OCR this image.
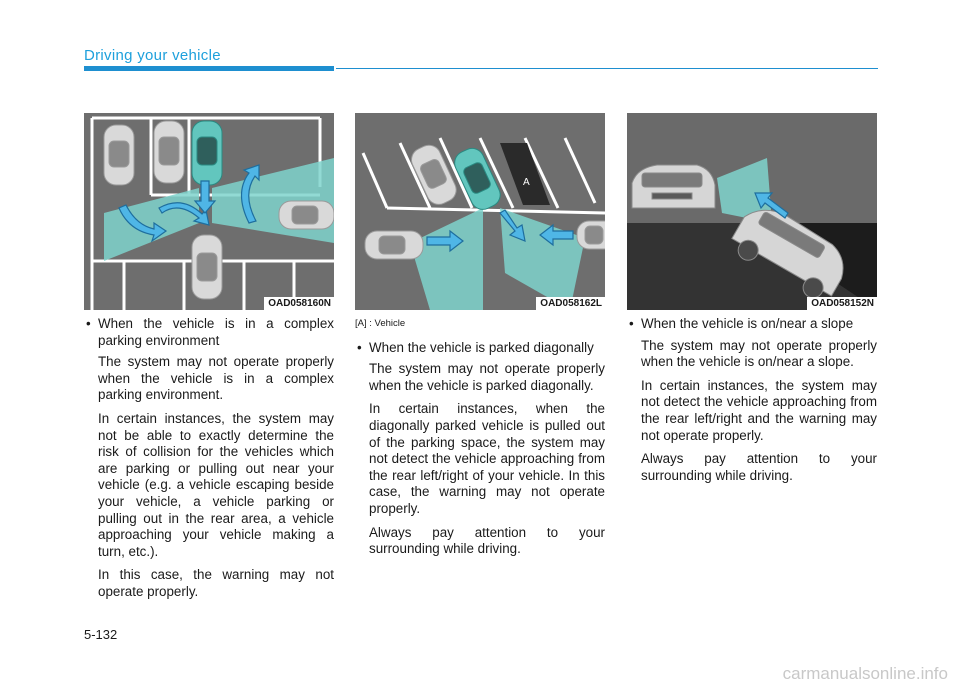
Driving your vehicle
OAD058160N
A
OAD058162L	OAD058152N
• When the vehicle is in a complex parking environment

The system may not operate properly when the vehicle is in a complex parking environment.

In certain instances, the system may not be able to exactly determine the risk of collision for the vehicles which are parking or pulling out near your vehicle (e.g. a vehicle escaping beside your vehicle, a vehicle parking or pulling out in the rear area, a vehicle approaching your vehicle making a turn, etc.).

In this case, the warning may not operate properly.

[A] : Vehicle
• When the vehicle is parked diagonally

The system may not operate properly when the vehicle is parked diagonally.

In certain instances, when the diagonally parked vehicle is pulled out of the parking space, the system may not detect the vehicle approaching from the rear left/right of your vehicle. In this case, the warning may not operate properly.

Always pay attention to your surrounding while driving.

• When the vehicle is on/near a slope

The system may not operate properly when the vehicle is on/near a slope.

In certain instances, the system may not detect the vehicle approaching from the rear left/right and the warning may not operate properly.

Always pay attention to your surrounding while driving.

5-132
carmanualsonline.info
